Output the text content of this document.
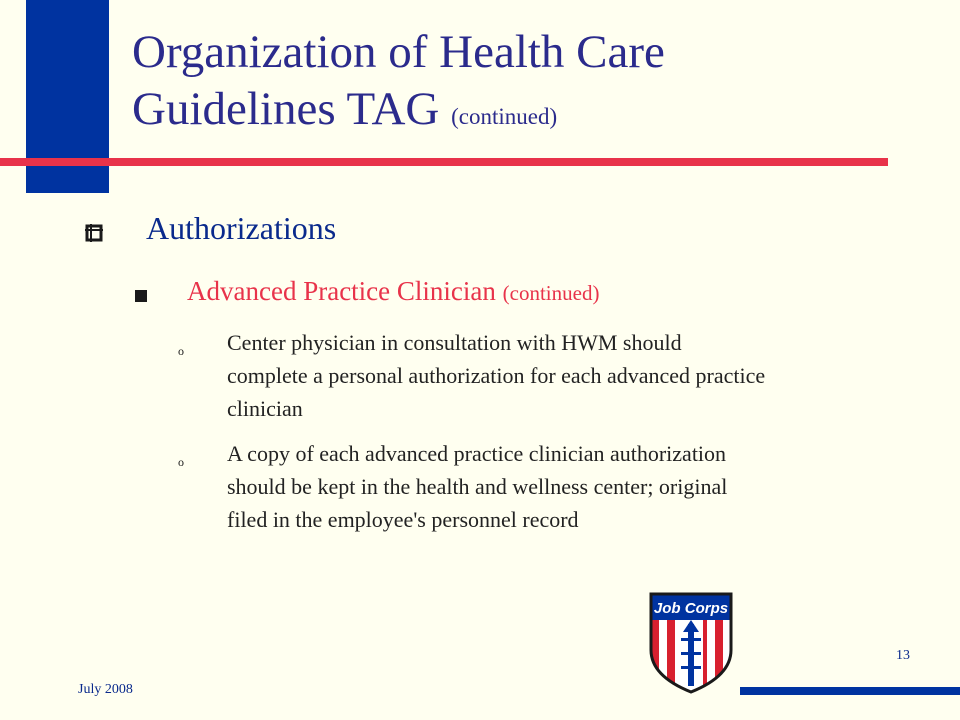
Organization of Health Care
Guidelines TAG (continued)
Authorizations
Advanced Practice Clinician (continued)
o Center physician in consultation with HWM should
complete a personal authorization for each advanced practice
clinician
o A copy of each advanced practice clinician authorization
should be kept in the health and wellness center; original
filed in the employee's personnel record
Job Corps
13
July 2008
